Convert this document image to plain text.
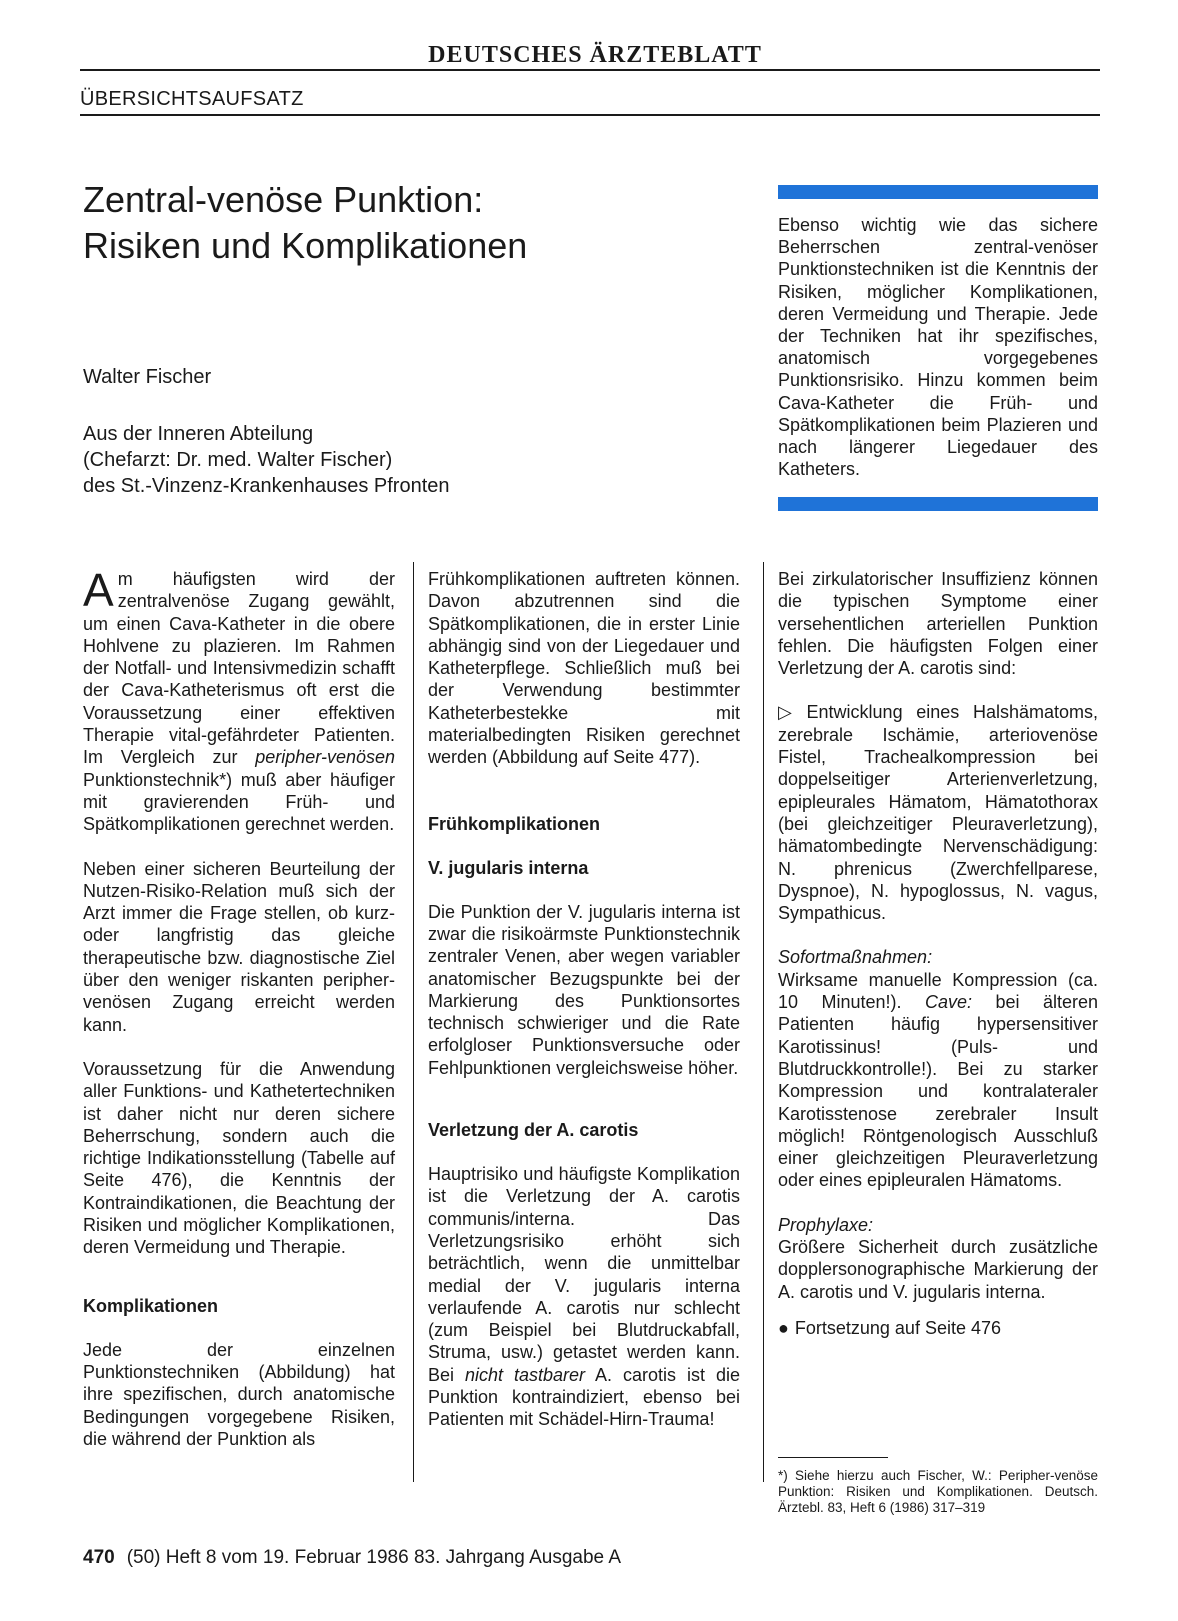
DEUTSCHES ÄRZTEBLATT
ÜBERSICHTSAUFSATZ
Zentral-venöse Punktion:
Risiken und Komplikationen
Walter Fischer
Aus der Inneren Abteilung
(Chefarzt: Dr. med. Walter Fischer)
des St.-Vinzenz-Krankenhauses Pfronten

Ebenso wichtig wie das sichere Beherrschen zentral-venöser Punktionstechniken ist die Kenntnis der Risiken, möglicher Komplikationen, deren Vermeidung und Therapie. Jede der Techniken hat ihr spezifisches, anatomisch vorgegebenes Punktionsrisiko. Hinzu kommen beim Cava-Katheter die Früh- und Spätkomplikationen beim Plazieren und nach längerer Liegedauer des Katheters.

Am häufigsten wird der zentralvenöse Zugang gewählt, um einen Cava-Katheter in die obere Hohlvene zu plazieren. Im Rahmen der Notfall- und Intensivmedizin schafft der Cava-Katheterismus oft erst die Voraussetzung einer effektiven Therapie vital-gefährdeter Patienten. Im Vergleich zur peripher-venösen Punktionstechnik*) muß aber häufiger mit gravierenden Früh- und Spätkomplikationen gerechnet werden.

Neben einer sicheren Beurteilung der Nutzen-Risiko-Relation muß sich der Arzt immer die Frage stellen, ob kurz- oder langfristig das gleiche therapeutische bzw. diagnostische Ziel über den weniger riskanten peripher-venösen Zugang erreicht werden kann.

Voraussetzung für die Anwendung aller Funktions- und Kathetertechniken ist daher nicht nur deren sichere Beherrschung, sondern auch die richtige Indikationsstellung (Tabelle auf Seite 476), die Kenntnis der Kontraindikationen, die Beachtung der Risiken und möglicher Komplikationen, deren Vermeidung und Therapie.

Komplikationen

Jede der einzelnen Punktionstechniken (Abbildung) hat ihre spezifischen, durch anatomische Bedingungen vorgegebene Risiken, die während der Punktion als

Frühkomplikationen auftreten können. Davon abzutrennen sind die Spätkomplikationen, die in erster Linie abhängig sind von der Liegedauer und Katheterpflege. Schließlich muß bei der Verwendung bestimmter Katheterbestekke mit materialbedingten Risiken gerechnet werden (Abbildung auf Seite 477).

Frühkomplikationen
V. jugularis interna

Die Punktion der V. jugularis interna ist zwar die risikoärmste Punktionstechnik zentraler Venen, aber wegen variabler anatomischer Bezugspunkte bei der Markierung des Punktionsortes technisch schwieriger und die Rate erfolgloser Punktionsversuche oder Fehlpunktionen vergleichsweise höher.

Verletzung der A. carotis

Hauptrisiko und häufigste Komplikation ist die Verletzung der A. carotis communis/interna. Das Verletzungsrisiko erhöht sich beträchtlich, wenn die unmittelbar medial der V. jugularis interna verlaufende A. carotis nur schlecht (zum Beispiel bei Blutdruckabfall, Struma, usw.) getastet werden kann. Bei nicht tastbarer A. carotis ist die Punktion kontraindiziert, ebenso bei Patienten mit Schädel-Hirn-Trauma!

Bei zirkulatorischer Insuffizienz können die typischen Symptome einer versehentlichen arteriellen Punktion fehlen. Die häufigsten Folgen einer Verletzung der A. carotis sind:

▷ Entwicklung eines Halshämatoms, zerebrale Ischämie, arteriovenöse Fistel, Trachealkompression bei doppelseitiger Arterienverletzung, epipleurales Hämatom, Hämatothorax (bei gleichzeitiger Pleuraverletzung), hämatombedingte Nervenschädigung: N. phrenicus (Zwerchfellparese, Dyspnoe), N. hypoglossus, N. vagus, Sympathicus.

Sofortmaßnahmen:

Wirksame manuelle Kompression (ca. 10 Minuten!). Cave: bei älteren Patienten häufig hypersensitiver Karotissinus! (Puls- und Blutdruckkontrolle!). Bei zu starker Kompression und kontralateraler Karotisstenose zerebraler Insult möglich! Röntgenologisch Ausschluß einer gleichzeitigen Pleuraverletzung oder eines epipleuralen Hämatoms.

Prophylaxe:

Größere Sicherheit durch zusätzliche dopplersonographische Markierung der A. carotis und V. jugularis interna.

● Fortsetzung auf Seite 476

*) Siehe hierzu auch Fischer, W.: Peripher-venöse Punktion: Risiken und Komplikationen. Deutsch. Ärztebl. 83, Heft 6 (1986) 317–319

470 (50) Heft 8 vom 19. Februar 1986 83. Jahrgang Ausgabe A
